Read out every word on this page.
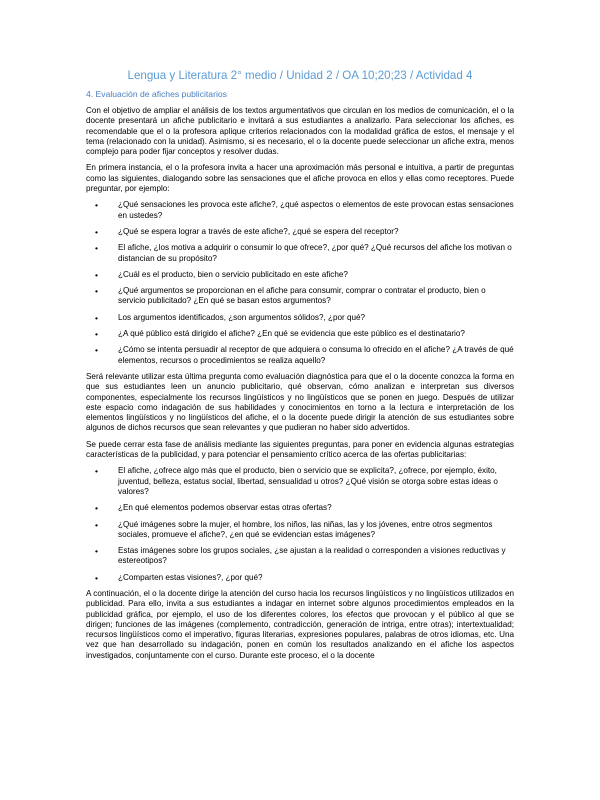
Lengua y Literatura 2° medio / Unidad 2 / OA 10;20;23 / Actividad 4
4. Evaluación de afiches publicitarios

Con el objetivo de ampliar el análisis de los textos argumentativos que circulan en los medios de comunicación, el o la docente presentará un afiche publicitario e invitará a sus estudiantes a analizarlo. Para seleccionar los afiches, es recomendable que el o la profesora aplique criterios relacionados con la modalidad gráfica de estos, el mensaje y el tema (relacionado con la unidad). Asimismo, si es necesario, el o la docente puede seleccionar un afiche extra, menos complejo para poder fijar conceptos y resolver dudas.

En primera instancia, el o la profesora invita a hacer una aproximación más personal e intuitiva, a partir de preguntas como las siguientes, dialogando sobre las sensaciones que el afiche provoca en ellos y ellas como receptores. Puede preguntar, por ejemplo:

• ¿Qué sensaciones les provoca este afiche?, ¿qué aspectos o elementos de este provocan estas sensaciones en ustedes?
• ¿Qué se espera lograr a través de este afiche?, ¿qué se espera del receptor?
• El afiche, ¿los motiva a adquirir o consumir lo que ofrece?, ¿por qué? ¿Qué recursos del afiche los motivan o distancian de su propósito?
• ¿Cuál es el producto, bien o servicio publicitado en este afiche?
• ¿Qué argumentos se proporcionan en el afiche para consumir, comprar o contratar el producto, bien o servicio publicitado? ¿En qué se basan estos argumentos?
• Los argumentos identificados, ¿son argumentos sólidos?, ¿por qué?
• ¿A qué público está dirigido el afiche? ¿En qué se evidencia que este público es el destinatario?
• ¿Cómo se intenta persuadir al receptor de que adquiera o consuma lo ofrecido en el afiche? ¿A través de qué elementos, recursos o procedimientos se realiza aquello?

Será relevante utilizar esta última pregunta como evaluación diagnóstica para que el o la docente conozca la forma en que sus estudiantes leen un anuncio publicitario, qué observan, cómo analizan e interpretan sus diversos componentes, especialmente los recursos lingüísticos y no lingüísticos que se ponen en juego. Después de utilizar este espacio como indagación de sus habilidades y conocimientos en torno a la lectura e interpretación de los elementos lingüísticos y no lingüísticos del afiche, el o la docente puede dirigir la atención de sus estudiantes sobre algunos de dichos recursos que sean relevantes y que pudieran no haber sido advertidos.

Se puede cerrar esta fase de análisis mediante las siguientes preguntas, para poner en evidencia algunas estrategias características de la publicidad, y para potenciar el pensamiento crítico acerca de las ofertas publicitarias:

• El afiche, ¿ofrece algo más que el producto, bien o servicio que se explicita?, ¿ofrece, por ejemplo, éxito, juventud, belleza, estatus social, libertad, sensualidad u otros? ¿Qué visión se otorga sobre estas ideas o valores?
• ¿En qué elementos podemos observar estas otras ofertas?
• ¿Qué imágenes sobre la mujer, el hombre, los niños, las niñas, las y los jóvenes, entre otros segmentos sociales, promueve el afiche?, ¿en qué se evidencian estas imágenes?
• Estas imágenes sobre los grupos sociales, ¿se ajustan a la realidad o corresponden a visiones reductivas y estereotipos?
• ¿Comparten estas visiones?, ¿por qué?

A continuación, el o la docente dirige la atención del curso hacia los recursos lingüísticos y no lingüísticos utilizados en publicidad. Para ello, invita a sus estudiantes a indagar en internet sobre algunos procedimientos empleados en la publicidad gráfica, por ejemplo, el uso de los diferentes colores, los efectos que provocan y el público al que se dirigen; funciones de las imágenes (complemento, contradicción, generación de intriga, entre otras); intertextualidad; recursos lingüísticos como el imperativo, figuras literarias, expresiones populares, palabras de otros idiomas, etc. Una vez que han desarrollado su indagación, ponen en común los resultados analizando en el afiche los aspectos investigados, conjuntamente con el curso. Durante este proceso, el o la docente
